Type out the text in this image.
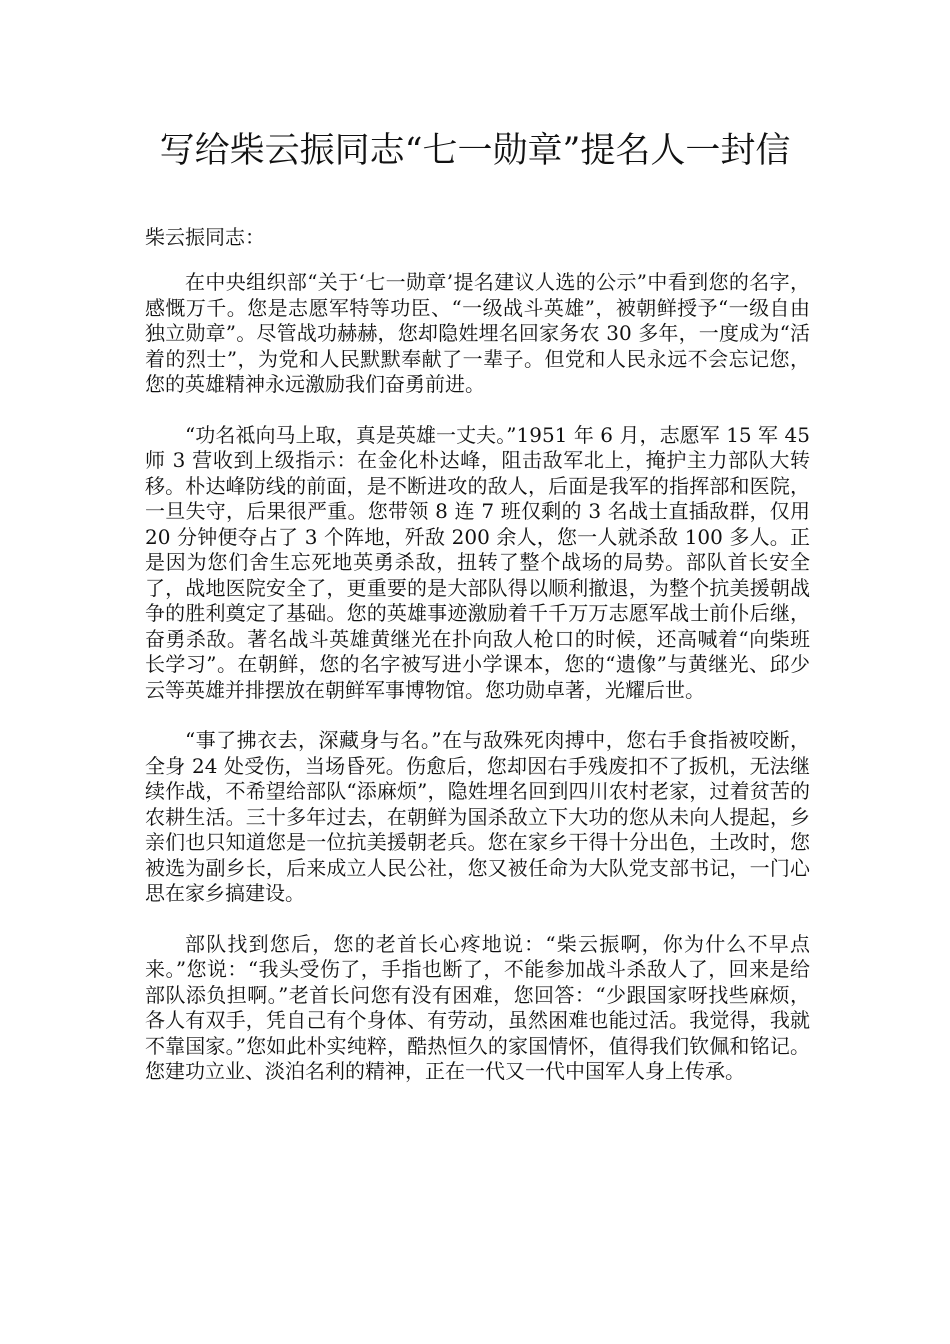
写给柴云振同志“七一勋章”提名人一封信

柴云振同志：

在中央组织部“关于‘七一勋章’提名建议人选的公示”中看到您的名字，感慨万千。您是志愿军特等功臣、“一级战斗英雄”，被朝鲜授予“一级自由独立勋章”。尽管战功赫赫，您却隐姓埋名回家务农 30 多年，一度成为“活着的烈士”，为党和人民默默奉献了一辈子。但党和人民永远不会忘记您，您的英雄精神永远激励我们奋勇前进。

“功名祗向马上取，真是英雄一丈夫。”1951 年 6 月，志愿军 15 军 45 师 3 营收到上级指示：在金化朴达峰，阻击敌军北上，掩护主力部队大转移。朴达峰防线的前面，是不断进攻的敌人，后面是我军的指挥部和医院，一旦失守，后果很严重。您带领 8 连 7 班仅剩的 3 名战士直插敌群，仅用 20 分钟便夺占了 3 个阵地，歼敌 200 余人，您一人就杀敌 100 多人。正是因为您们舍生忘死地英勇杀敌，扭转了整个战场的局势。部队首长安全了，战地医院安全了，更重要的是大部队得以顺利撤退，为整个抗美援朝战争的胜利奠定了基础。您的英雄事迹激励着千千万万志愿军战士前仆后继，奋勇杀敌。著名战斗英雄黄继光在扑向敌人枪口的时候，还高喊着“向柴班长学习”。在朝鲜，您的名字被写进小学课本，您的“遗像”与黄继光、邱少云等英雄并排摆放在朝鲜军事博物馆。您功勋卓著，光耀后世。

“事了拂衣去，深藏身与名。”在与敌殊死肉搏中，您右手食指被咬断，全身 24 处受伤，当场昏死。伤愈后，您却因右手残废扣不了扳机，无法继续作战，不希望给部队“添麻烦”，隐姓埋名回到四川农村老家，过着贫苦的农耕生活。三十多年过去，在朝鲜为国杀敌立下大功的您从未向人提起，乡亲们也只知道您是一位抗美援朝老兵。您在家乡干得十分出色，土改时，您被选为副乡长，后来成立人民公社，您又被任命为大队党支部书记，一门心思在家乡搞建设。

部队找到您后，您的老首长心疼地说：“柴云振啊，你为什么不早点来。”您说：“我头受伤了，手指也断了，不能参加战斗杀敌人了，回来是给部队添负担啊。”老首长问您有没有困难，您回答：“少跟国家呀找些麻烦，各人有双手，凭自己有个身体、有劳动，虽然困难也能过活。我觉得，我就不靠国家。”您如此朴实纯粹，酷热恒久的家国情怀，值得我们钦佩和铭记。您建功立业、淡泊名利的精神，正在一代又一代中国军人身上传承。
